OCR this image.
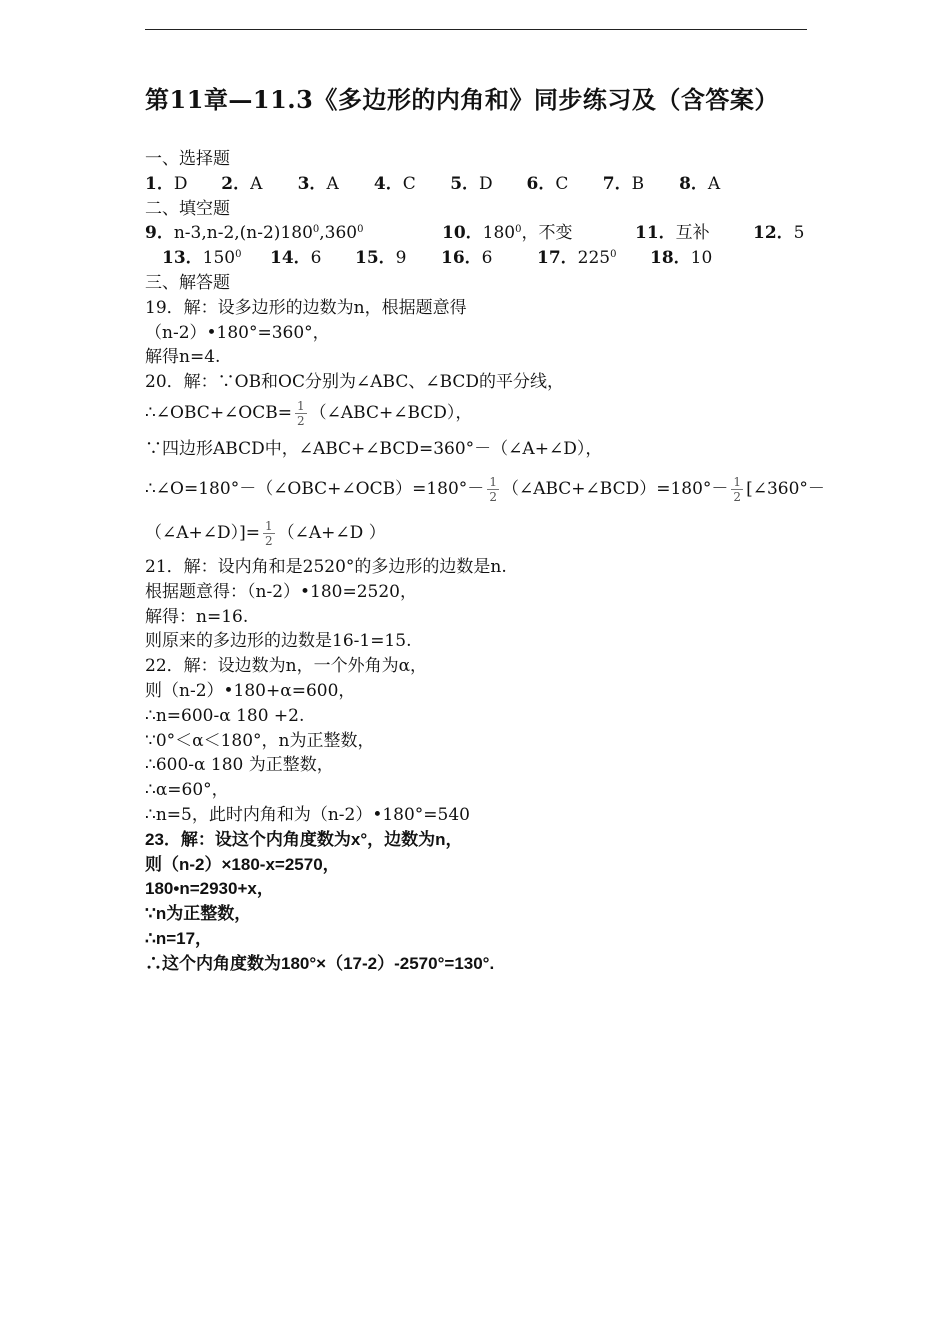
第11章—11.3《多边形的内角和》同步练习及（含答案）
一、选择题
1．D 2．A 3．A 4．C 5．D 6．C 7．B 8．A
二、填空题
9．$n-3,n-2,(n-2)180^0,360^0$	10．$180^0$，不变	11．互补	12．5
13．$150^0$ 14．6 15．9 16．6	17．$225^0$ 18．10
三、解答题
19．解：设多边形的边数为n，根据题意得
（n-2）•180°=360°，
解得n=4.
20．解：∵OB和OC分别为∠ABC、∠BCD的平分线，
∴∠OBC+∠OCB= $\frac{1}{2}$ （∠ABC+∠BCD），
∵四边形ABCD中，∠ABC+∠BCD=360°－（∠A+∠D），
∴∠O=180°－（∠OBC+∠OCB）=180°－ $\frac{1}{2}$ （∠ABC+∠BCD）=180°－ $\frac{1}{2}$ [∠360°－
（∠A+∠D）]= $\frac{1}{2}$ （∠A+∠D ）
21．解：设内角和是2520°的多边形的边数是n.
根据题意得：（n-2）•180=2520，
解得：n=16.
则原来的多边形的边数是16-1=15.
22．解：设边数为n，一个外角为α，
则（n-2）•180+α=600，
∴n=600-α 180 +2.
∵0°＜α＜180°，n为正整数，
∴600-α 180 为正整数，
∴α=60°，
∴n=5，此时内角和为（n-2）•180°=540
23．解：设这个内角度数为x°，边数为n，
则（n-2）×180-x=2570，
180•n=2930+x，
∵n为正整数，
∴n=17，
∴这个内角度数为180°×（17-2）-2570°=130°.
